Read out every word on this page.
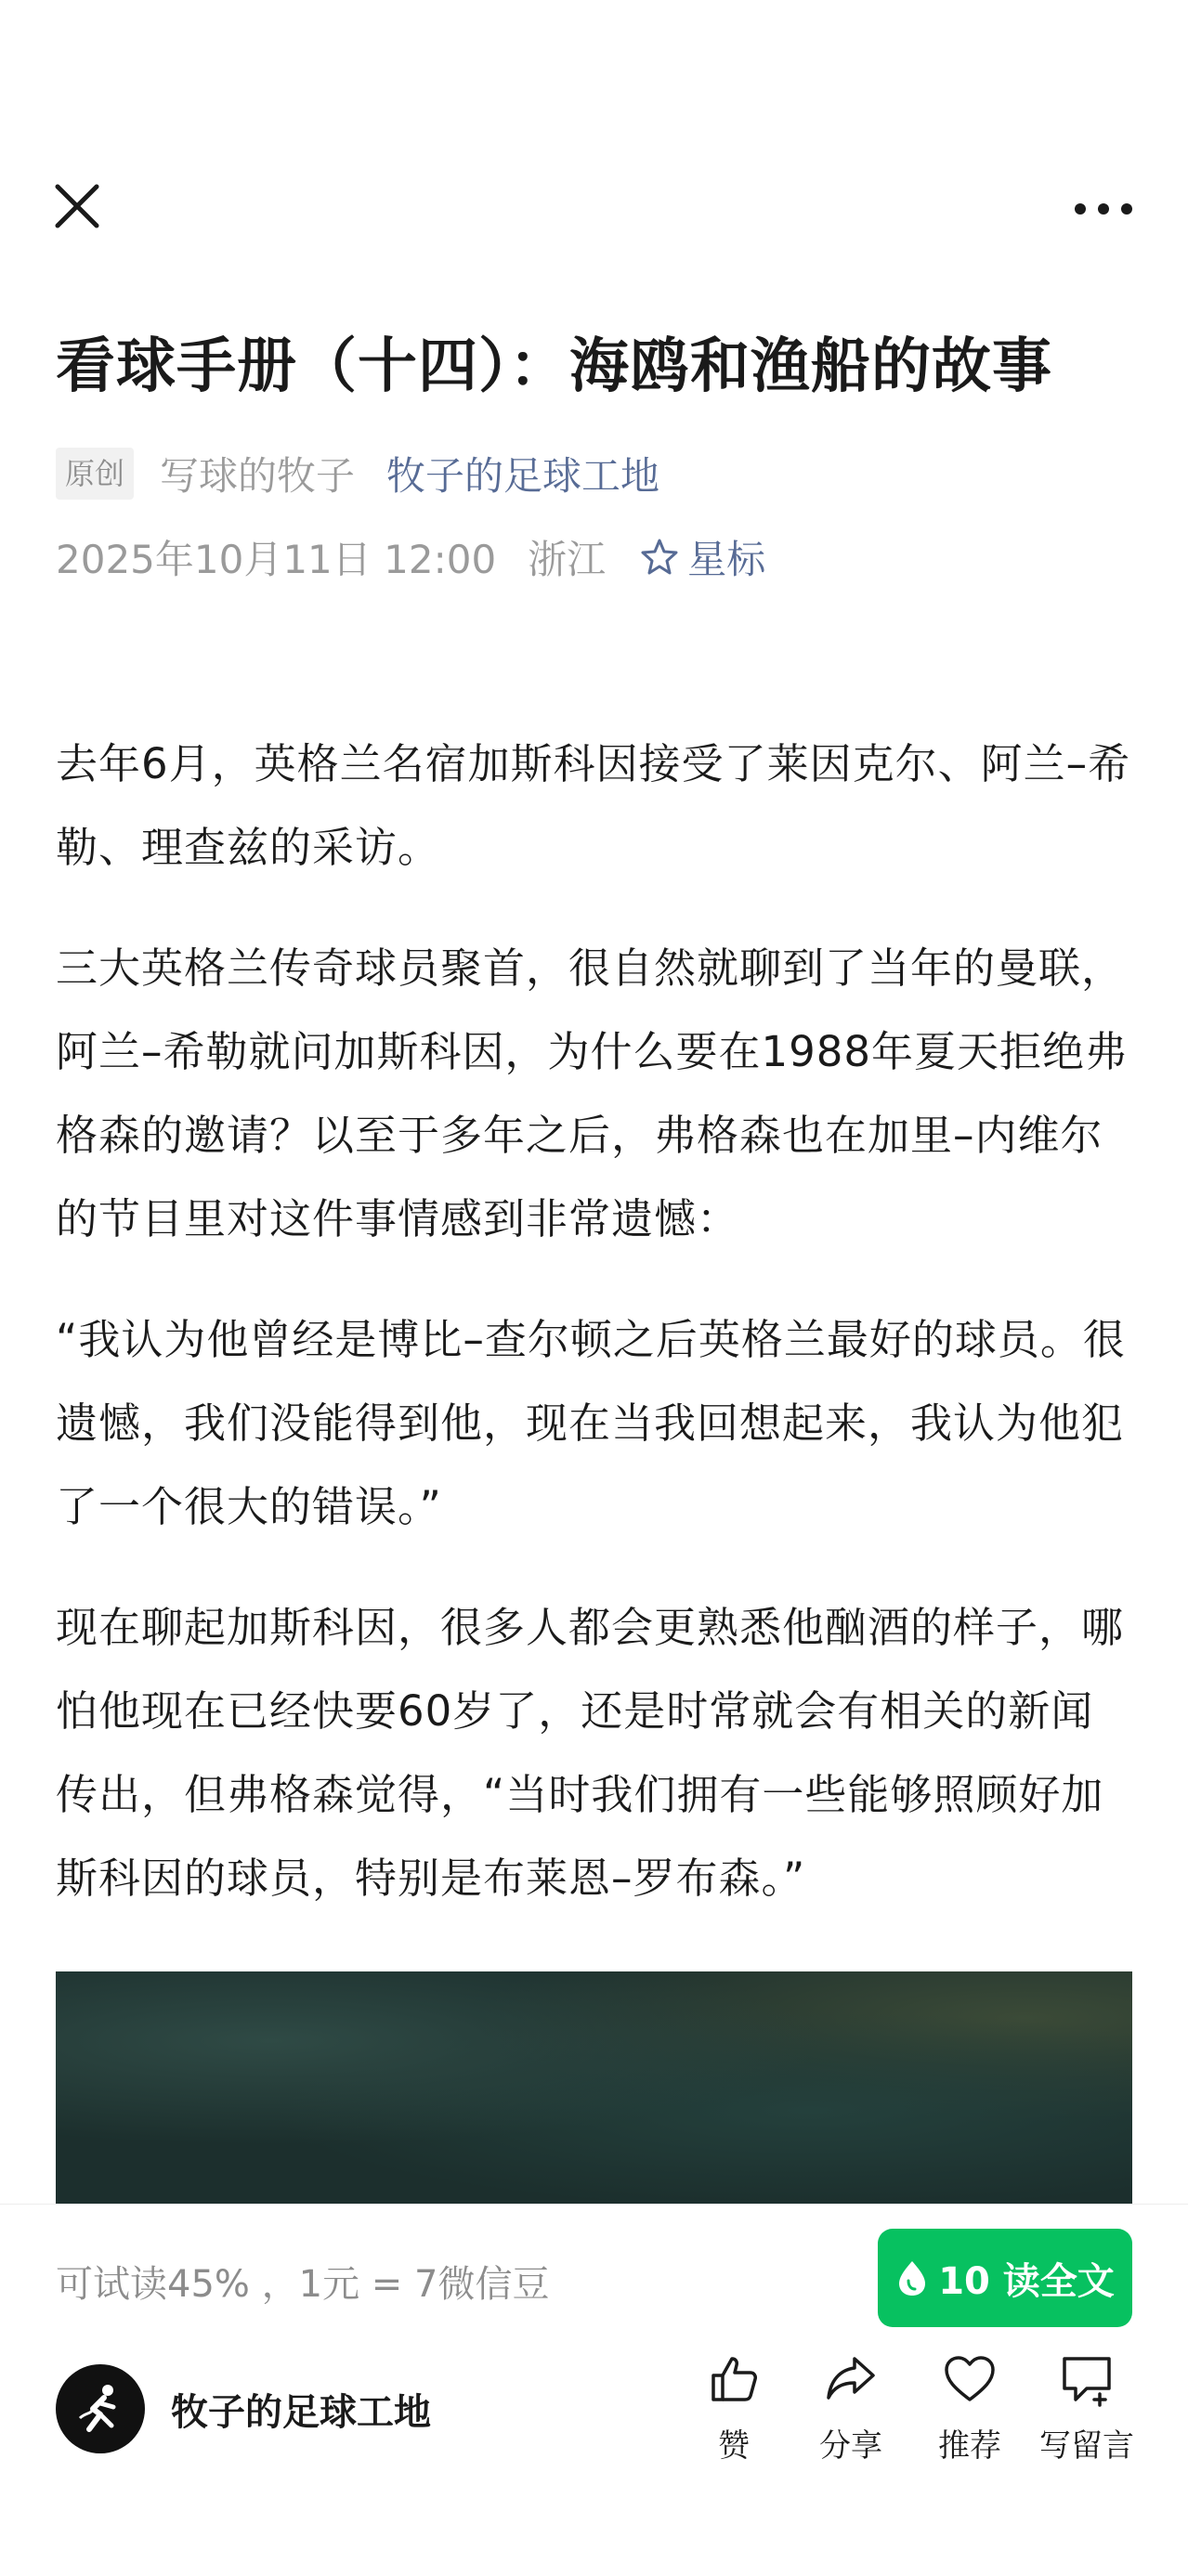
看球手册（十四）：海鸥和渔船的故事
原创 写球的牧子 牧子的足球工地
2025年10月11日 12:00 浙江 星标

去年6月，英格兰名宿加斯科因接受了莱因克尔、阿兰–希勒、理查兹的采访。

三大英格兰传奇球员聚首，很自然就聊到了当年的曼联，阿兰–希勒就问加斯科因，为什么要在1988年夏天拒绝弗格森的邀请？以至于多年之后，弗格森也在加里–内维尔的节目里对这件事情感到非常遗憾：

“我认为他曾经是博比–查尔顿之后英格兰最好的球员。很遗憾，我们没能得到他，现在当我回想起来，我认为他犯了一个很大的错误。”

现在聊起加斯科因，很多人都会更熟悉他酗酒的样子，哪怕他现在已经快要60岁了，还是时常就会有相关的新闻传出，但弗格森觉得，“当时我们拥有一些能够照顾好加斯科因的球员，特别是布莱恩–罗布森。”

可试读45% ，1元 = 7微信豆	10 读全文
牧子的足球工地
赞	分享	推荐	写留言
